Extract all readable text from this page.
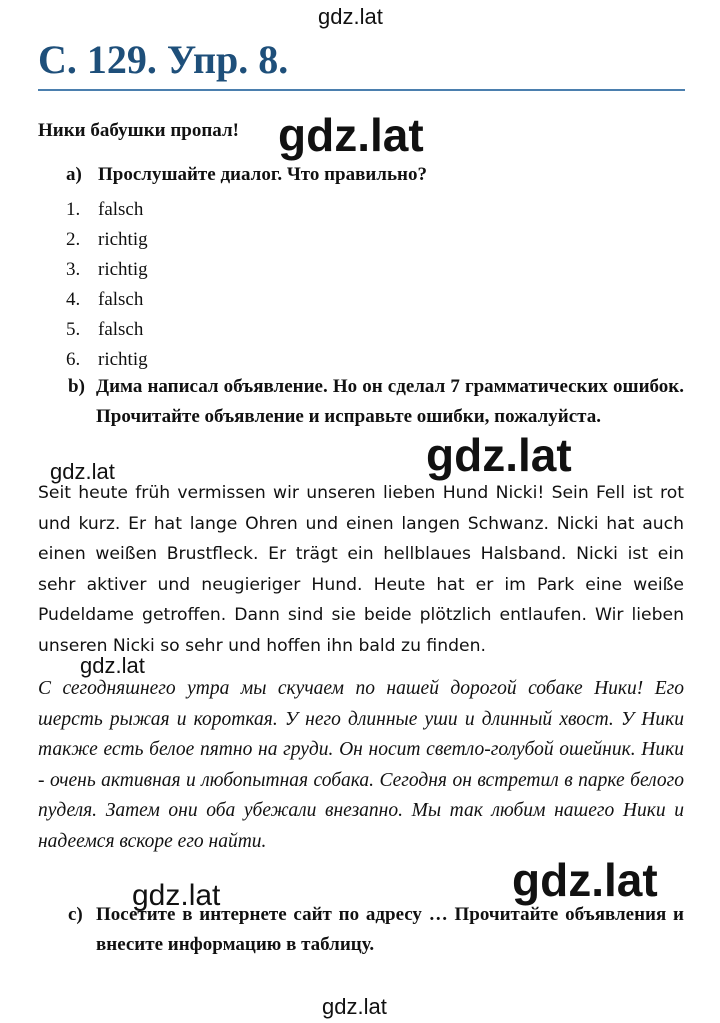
gdz.lat
С. 129. Упр. 8.
Ники бабушки пропал! gdz.lat
a) Прослушайте диалог. Что правильно?
1. falsch
2. richtig
3. richtig
4. falsch
5. falsch
6. richtig
b) Дима написал объявление. Но он сделал 7 грамматических ошибок. Прочитайте объявление и исправьте ошибки, пожалуйста.
gdz.lat
gdz.lat
Seit heute früh vermissen wir unseren lieben Hund Nicki! Sein Fell ist rot und kurz. Er hat lange Ohren und einen langen Schwanz. Nicki hat auch einen weißen Brustfleck. Er trägt ein hellblaues Halsband. Nicki ist ein sehr aktiver und neugieriger Hund. Heute hat er im Park eine weiße Pudeldame getroffen. Dann sind sie beide plötzlich entlaufen. Wir lieben unseren Nicki so sehr und hoffen ihn bald zu finden.
gdz.lat
С сегодняшнего утра мы скучаем по нашей дорогой собаке Ники! Его шерсть рыжая и короткая. У него длинные уши и длинный хвост. У Ники также есть белое пятно на груди. Он носит светло-голубой ошейник. Ники - очень активная и любопытная собака. Сегодня он встретил в парке белого пуделя. Затем они оба убежали внезапно. Мы так любим нашего Ники и надеемся вскоре его найти.
gdz.lat
gdz.lat
c) Посетите в интернете сайт по адресу … Прочитайте объявления и внесите информацию в таблицу.
gdz.lat
